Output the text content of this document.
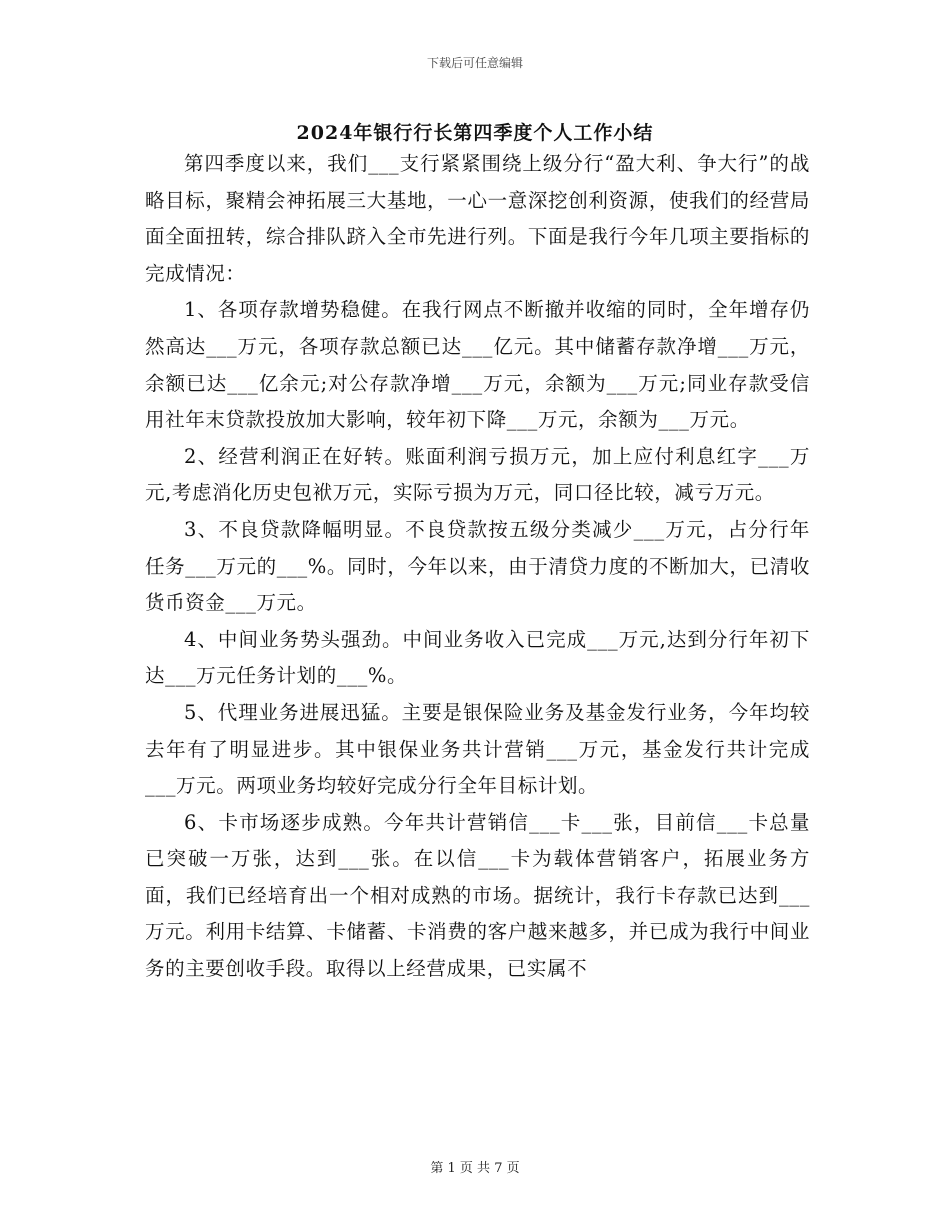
下载后可任意编辑
2024年银行行长第四季度个人工作小结

第四季度以来，我们___支行紧紧围绕上级分行“盈大利、争大行”的战略目标，聚精会神拓展三大基地，一心一意深挖创利资源，使我们的经营局面全面扭转，综合排队跻入全市先进行列。下面是我行今年几项主要指标的完成情况：

1、各项存款增势稳健。在我行网点不断撤并收缩的同时，全年增存仍然高达___万元，各项存款总额已达___亿元。其中储蓄存款净增___万元，余额已达___亿余元;对公存款净增___万元，余额为___万元;同业存款受信用社年末贷款投放加大影响，较年初下降___万元，余额为___万元。

2、经营利润正在好转。账面利润亏损万元，加上应付利息红字___万元,考虑消化历史包袱万元，实际亏损为万元，同口径比较，减亏万元。

3、不良贷款降幅明显。不良贷款按五级分类减少___万元，占分行年任务___万元的___%。同时，今年以来，由于清贷力度的不断加大，已清收货币资金___万元。

4、中间业务势头强劲。中间业务收入已完成___万元,达到分行年初下达___万元任务计划的___%。

5、代理业务进展迅猛。主要是银保险业务及基金发行业务，今年均较去年有了明显进步。其中银保业务共计营销___万元，基金发行共计完成___万元。两项业务均较好完成分行全年目标计划。

6、卡市场逐步成熟。今年共计营销信___卡___张，目前信___卡总量已突破一万张，达到___张。在以信___卡为载体营销客户，拓展业务方面，我们已经培育出一个相对成熟的市场。据统计，我行卡存款已达到___万元。利用卡结算、卡储蓄、卡消费的客户越来越多，并已成为我行中间业务的主要创收手段。取得以上经营成果，已实属不

第 1 页 共 7 页
